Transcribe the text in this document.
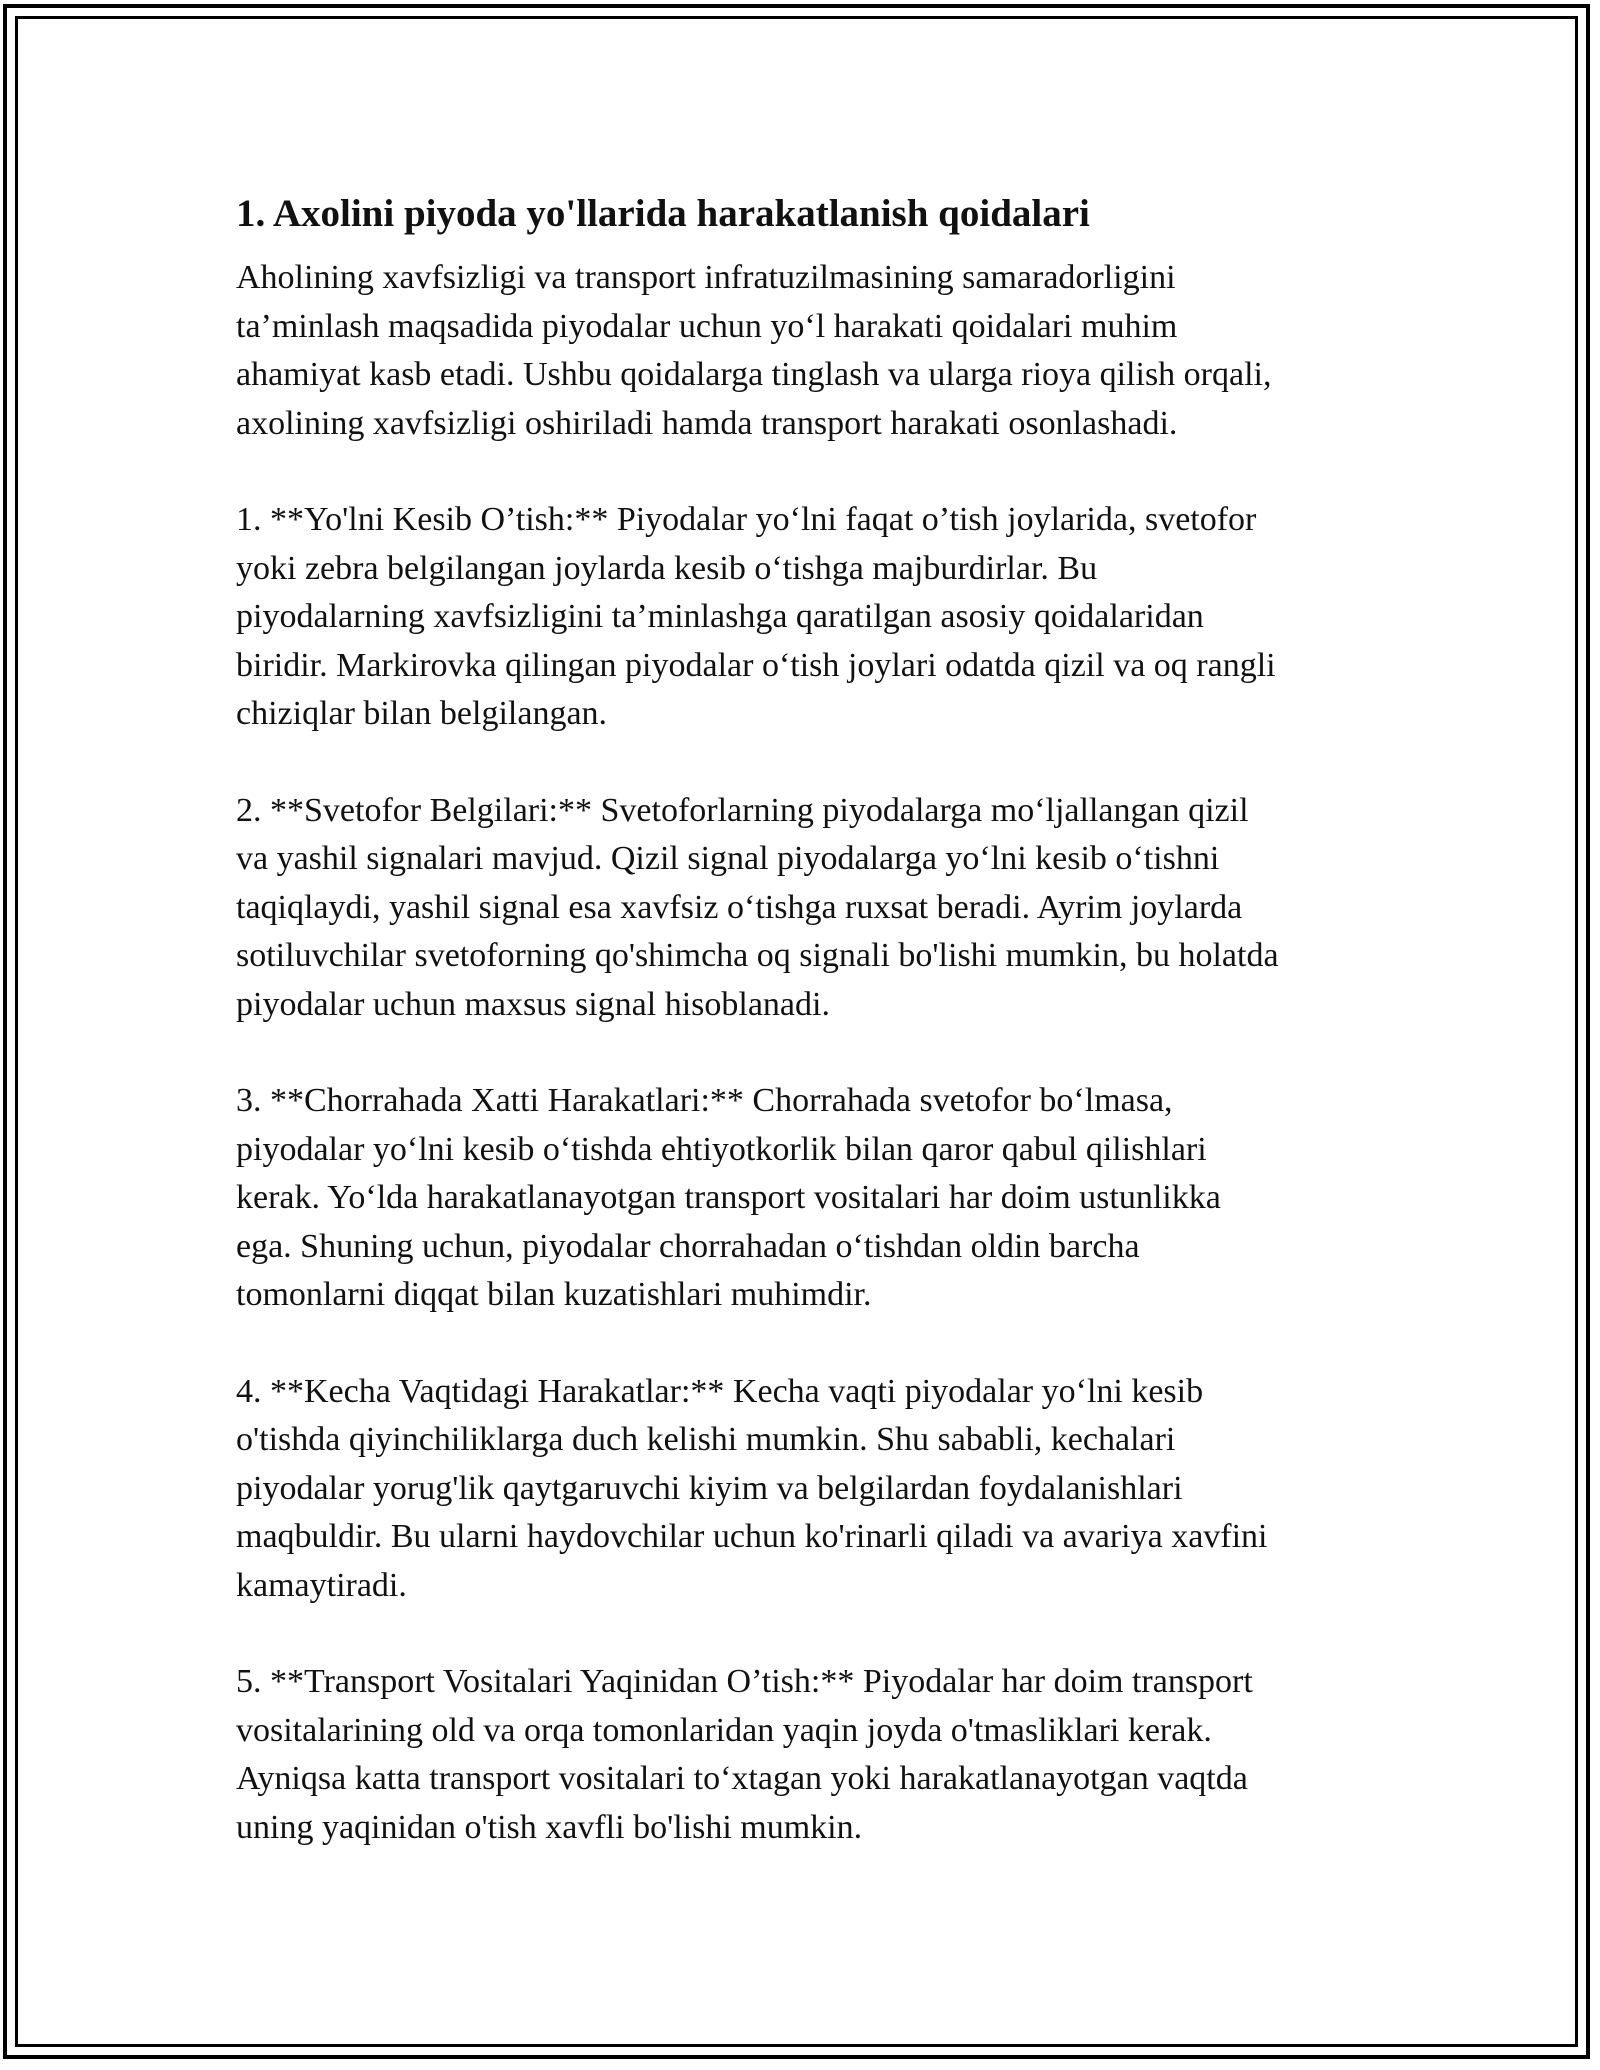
1. Axolini piyoda yo'llarida harakatlanish qoidalari

Aholining xavfsizligi va transport infratuzilmasining samaradorligini
ta’minlash maqsadida piyodalar uchun yo‘l harakati qoidalari muhim
ahamiyat kasb etadi. Ushbu qoidalarga tinglash va ularga rioya qilish orqali,
axolining xavfsizligi oshiriladi hamda transport harakati osonlashadi.

1. **Yo'lni Kesib O’tish:** Piyodalar yo‘lni faqat o’tish joylarida, svetofor
yoki zebra belgilangan joylarda kesib o‘tishga majburdirlar. Bu
piyodalarning xavfsizligini ta’minlashga qaratilgan asosiy qoidalaridan
biridir. Markirovka qilingan piyodalar o‘tish joylari odatda qizil va oq rangli
chiziqlar bilan belgilangan.

2. **Svetofor Belgilari:** Svetoforlarning piyodalarga mo‘ljallangan qizil
va yashil signalari mavjud. Qizil signal piyodalarga yo‘lni kesib o‘tishni
taqiqlaydi, yashil signal esa xavfsiz o‘tishga ruxsat beradi. Ayrim joylarda
sotiluvchilar svetoforning qo'shimcha oq signali bo'lishi mumkin, bu holatda
piyodalar uchun maxsus signal hisoblanadi.

3. **Chorrahada Xatti Harakatlari:** Chorrahada svetofor bo‘lmasa,
piyodalar yo‘lni kesib o‘tishda ehtiyotkorlik bilan qaror qabul qilishlari
kerak. Yo‘lda harakatlanayotgan transport vositalari har doim ustunlikka
ega. Shuning uchun, piyodalar chorrahadan o‘tishdan oldin barcha
tomonlarni diqqat bilan kuzatishlari muhimdir.

4. **Kecha Vaqtidagi Harakatlar:** Kecha vaqti piyodalar yo‘lni kesib
o'tishda qiyinchiliklarga duch kelishi mumkin. Shu sababli, kechalari
piyodalar yorug'lik qaytgaruvchi kiyim va belgilardan foydalanishlari
maqbuldir. Bu ularni haydovchilar uchun ko'rinarli qiladi va avariya xavfini
kamaytiradi.

5. **Transport Vositalari Yaqinidan O’tish:** Piyodalar har doim transport
vositalarining old va orqa tomonlaridan yaqin joyda o'tmasliklari kerak.
Ayniqsa katta transport vositalari to‘xtagan yoki harakatlanayotgan vaqtda
uning yaqinidan o'tish xavfli bo'lishi mumkin.
